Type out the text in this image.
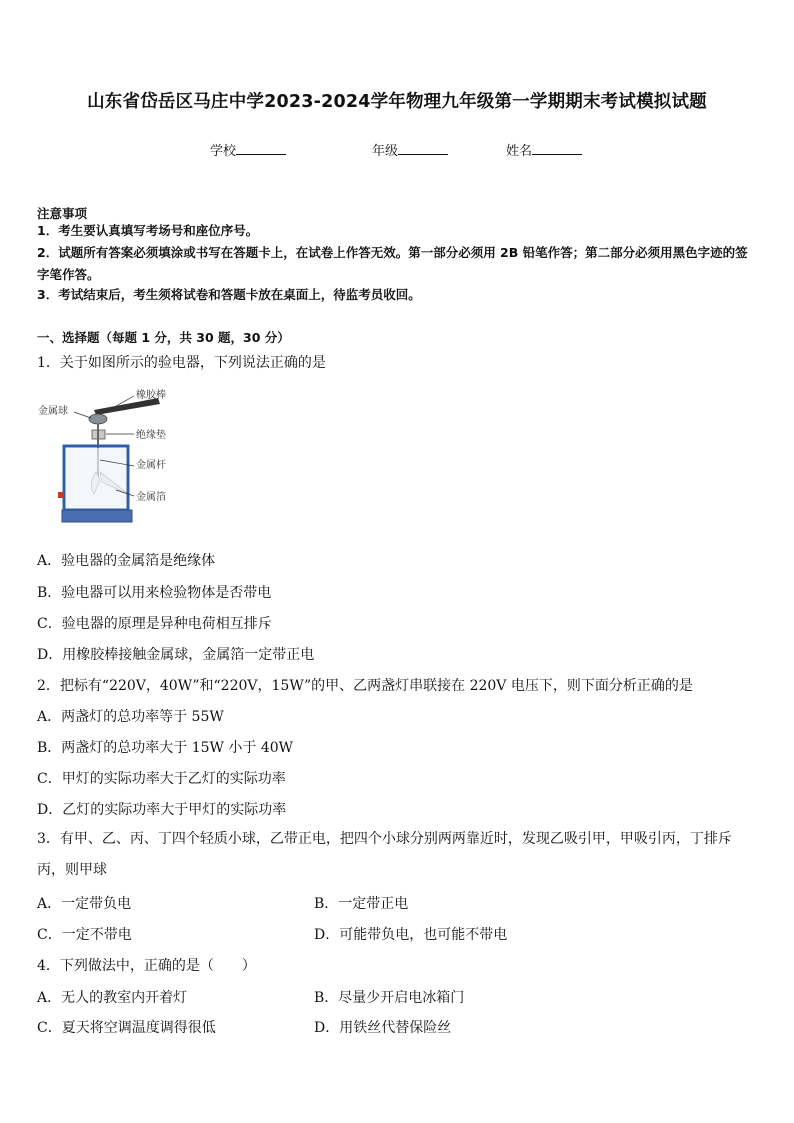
山东省岱岳区马庄中学2023-2024学年物理九年级第一学期期末考试模拟试题
学校	年级	姓名
注意事项
1．考生要认真填写考场号和座位序号。
2．试题所有答案必须填涂或书写在答题卡上，在试卷上作答无效。第一部分必须用 2B 铅笔作答；第二部分必须用黑色字迹的签字笔作答。
3．考试结束后，考生须将试卷和答题卡放在桌面上，待监考员收回。
一、选择题（每题 1 分，共 30 题，30 分）
1．关于如图所示的验电器，下列说法正确的是
橡胶棒
金属球
绝缘垫
金属杆
金属箔
A．验电器的金属箔是绝缘体
B．验电器可以用来检验物体是否带电
C．验电器的原理是异种电荷相互排斥
D．用橡胶棒接触金属球，金属箔一定带正电
2．把标有“220V，40W”和“220V，15W”的甲、乙两盏灯串联接在 220V 电压下，则下面分析正确的是
A．两盏灯的总功率等于 55W
B．两盏灯的总功率大于 15W 小于 40W
C．甲灯的实际功率大于乙灯的实际功率
D．乙灯的实际功率大于甲灯的实际功率
3．有甲、乙、丙、丁四个轻质小球，乙带正电，把四个小球分别两两靠近时，发现乙吸引甲，甲吸引丙，丁排斥丙，则甲球
A．一定带负电	B．一定带正电
C．一定不带电	D．可能带负电，也可能不带电
4．下列做法中，正确的是（　　）
A．无人的教室内开着灯	B．尽量少开启电冰箱门
C．夏天将空调温度调得很低	D．用铁丝代替保险丝
